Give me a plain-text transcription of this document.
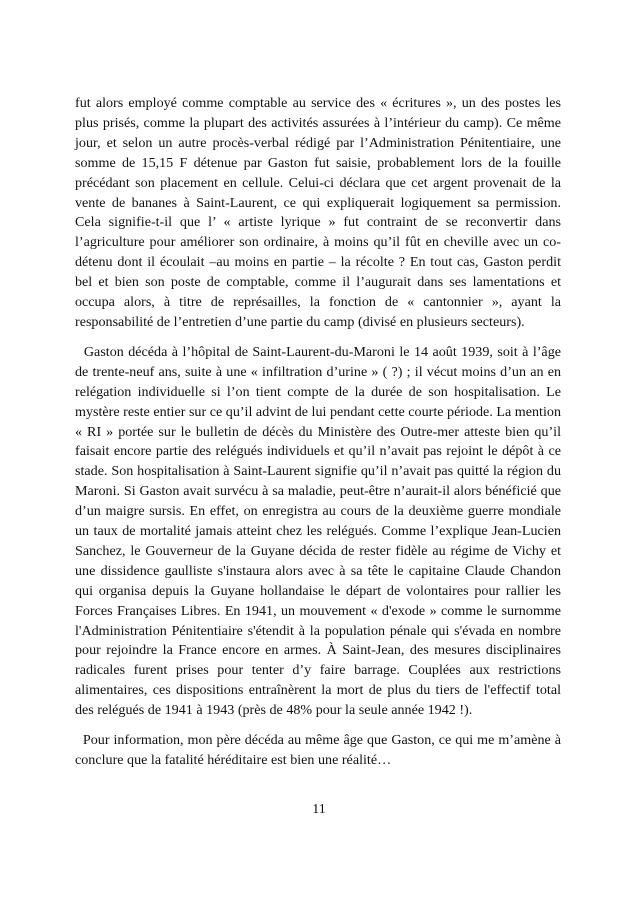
fut alors employé comme comptable au service des « écritures », un des postes les plus prisés, comme la plupart des activités assurées à l’intérieur du camp). Ce même jour, et selon un autre procès-verbal rédigé par l’Administration Pénitentiaire, une somme de 15,15 F détenue par Gaston fut saisie, probablement lors de la fouille précédant son placement en cellule. Celui-ci déclara que cet argent provenait de la vente de bananes à Saint-Laurent, ce qui expliquerait logiquement sa permission. Cela signifie-t-il que l’ « artiste lyrique » fut contraint de se reconvertir dans l’agriculture pour améliorer son ordinaire, à moins qu’il fût en cheville avec un co- détenu dont il écoulait –au moins en partie – la récolte ? En tout cas, Gaston perdit bel et bien son poste de comptable, comme il l’augurait dans ses lamentations et occupa alors, à titre de représailles, la fonction de « cantonnier », ayant la responsabilité de l’entretien d’une partie du camp (divisé en plusieurs secteurs).

Gaston décéda à l’hôpital de Saint-Laurent-du-Maroni le 14 août 1939, soit à l’âge de trente-neuf ans, suite à une « infiltration d’urine » ( ?) ; il vécut moins d’un an en relégation individuelle si l’on tient compte de la durée de son hospitalisation. Le mystère reste entier sur ce qu’il advint de lui pendant cette courte période. La mention « RI » portée sur le bulletin de décès du Ministère des Outre-mer atteste bien qu’il faisait encore partie des relégués individuels et qu’il n’avait pas rejoint le dépôt à ce stade. Son hospitalisation à Saint-Laurent signifie qu’il n’avait pas quitté la région du Maroni. Si Gaston avait survécu à sa maladie, peut-être n’aurait-il alors bénéficié que d’un maigre sursis. En effet, on enregistra au cours de la deuxième guerre mondiale un taux de mortalité jamais atteint chez les relégués. Comme l’explique Jean-Lucien Sanchez, le Gouverneur de la Guyane décida de rester fidèle au régime de Vichy et une dissidence gaulliste s'instaura alors avec à sa tête le capitaine Claude Chandon qui organisa depuis la Guyane hollandaise le départ de volontaires pour rallier les Forces Françaises Libres. En 1941, un mouvement « d'exode » comme le surnomme l'Administration Pénitentiaire s'étendit à la population pénale qui s'évada en nombre pour rejoindre la France encore en armes. À Saint-Jean, des mesures disciplinaires radicales furent prises pour tenter d’y faire barrage. Couplées aux restrictions alimentaires, ces dispositions entraînèrent la mort de plus du tiers de l'effectif total des relégués de 1941 à 1943 (près de 48% pour la seule année 1942 !).

Pour information, mon père décéda au même âge que Gaston, ce qui me m’amène à conclure que la fatalité héréditaire est bien une réalité…

11
